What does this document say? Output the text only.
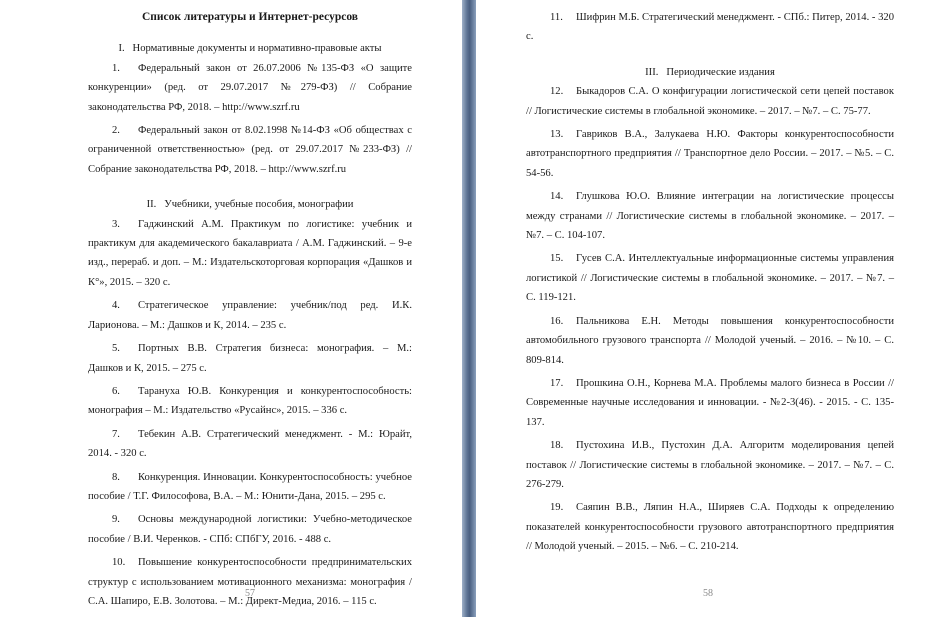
Список литературы и Интернет-ресурсов

I.   Нормативные документы и нормативно-правовые акты

1. Федеральный закон от 26.07.2006 №135-ФЗ «О защите конкуренции» (ред. от 29.07.2017 №279-ФЗ) // Собрание законодательства РФ, 2018. – http://www.szrf.ru

2. Федеральный закон от 8.02.1998 №14-ФЗ «Об обществах с ограниченной ответственностью» (ред. от 29.07.2017 №233-ФЗ) // Собрание законодательства РФ, 2018. – http://www.szrf.ru

II.   Учебники, учебные пособия, монографии

3. Гаджинский А.М. Практикум по логистике: учебник и практикум для академического бакалавриата / А.М. Гаджинский. – 9-е изд., перераб. и доп. – М.: Издательскоторговая корпорация «Дашков и К°», 2015. – 320 с.

4. Стратегическое управление: учебник/под ред. И.К. Ларионова. – М.: Дашков и К, 2014. – 235 с.

5. Портных В.В. Стратегия бизнеса: монография. – М.: Дашков и К, 2015. – 275 с.

6. Тарануха Ю.В. Конкуренция и конкурентоспособность: монография – М.: Издательство «Русайнс», 2015. – 336 с.

7. Тебекин А.В. Стратегический менеджмент. - М.: Юрайт, 2014. - 320 с.

8. Конкуренция. Инновации. Конкурентоспособность: учебное пособие / Т.Г. Философова, В.А. – М.: Юнити-Дана, 2015. – 295 с.

9. Основы международной логистики: Учебно-методическое пособие / В.И. Черенков. - СПб: СПбГУ, 2016. - 488 с.

10. Повышение конкурентоспособности предпринимательских структур с использованием мотивационного механизма: монография / С.А. Шапиро, Е.В. Золотова. – М.: Директ-Медиа, 2016. – 115 с.

57

11. Шифрин М.Б. Стратегический менеджмент. - СПб.: Питер, 2014. - 320 с.

III.   Периодические издания

12. Быкадоров С.А. О конфигурации логистической сети цепей поставок // Логистические системы в глобальной экономике. – 2017. – №7. – С. 75-77.

13. Гавриков В.А., Залукаева Н.Ю. Факторы конкурентоспособности автотранспортного предприятия // Транспортное дело России. – 2017. – №5. – С. 54-56.

14. Глушкова Ю.О. Влияние интеграции на логистические процессы между странами // Логистические системы в глобальной экономике. – 2017. – №7. – С. 104-107.

15. Гусев С.А. Интеллектуальные информационные системы управления логистикой // Логистические системы в глобальной экономике. – 2017. – №7. – С. 119-121.

16. Пальникова Е.Н. Методы повышения конкурентоспособности автомобильного грузового транспорта // Молодой ученый. – 2016. – №10. – С. 809-814.

17. Прошкина О.Н., Корнева М.А. Проблемы малого бизнеса в России // Современные научные исследования и инновации. - №2-3(46). - 2015. - С. 135-137.

18. Пустохина И.В., Пустохин Д.А. Алгоритм моделирования цепей поставок // Логистические системы в глобальной экономике. – 2017. – №7. – С. 276-279.

19. Саяпин В.В., Ляпин Н.А., Ширяев С.А. Подходы к определению показателей конкурентоспособности грузового автотранспортного предприятия // Молодой ученый. – 2015. – №6. – С. 210-214.

58
